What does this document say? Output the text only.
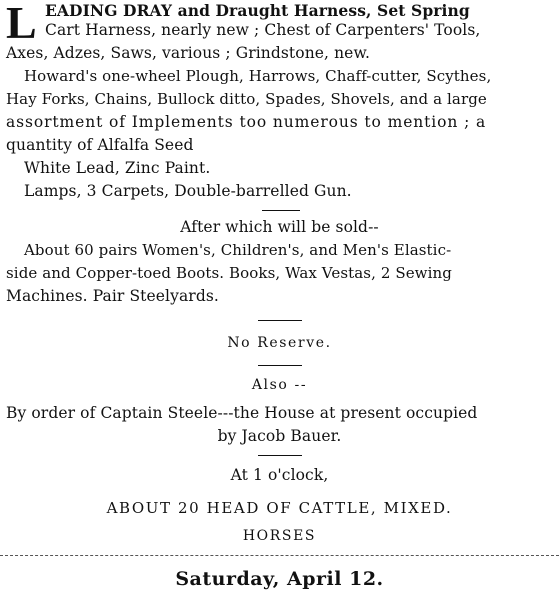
L EADING DRAY and Draught Harness, Set Spring
Cart Harness, nearly new ; Chest of Carpenters' Tools,
Axes, Adzes, Saws, various ; Grindstone, new.
Howard's one-wheel Plough, Harrows, Chaff-cutter, Scythes,
Hay Forks, Chains, Bullock ditto, Spades, Shovels, and a large
assortment of Implements too numerous to mention ; a
quantity of Alfalfa Seed
White Lead, Zinc Paint.
Lamps, 3 Carpets, Double-barrelled Gun.
After which will be sold--
About 60 pairs Women's, Children's, and Men's Elastic-
side and Copper-toed Boots. Books, Wax Vestas, 2 Sewing
Machines. Pair Steelyards.
No Reserve.
Also --
By order of Captain Steele---the House at present occupied
by Jacob Bauer.
At 1 o'clock,
ABOUT 20 HEAD OF CATTLE, MIXED.
HORSES
Saturday, April 12.
